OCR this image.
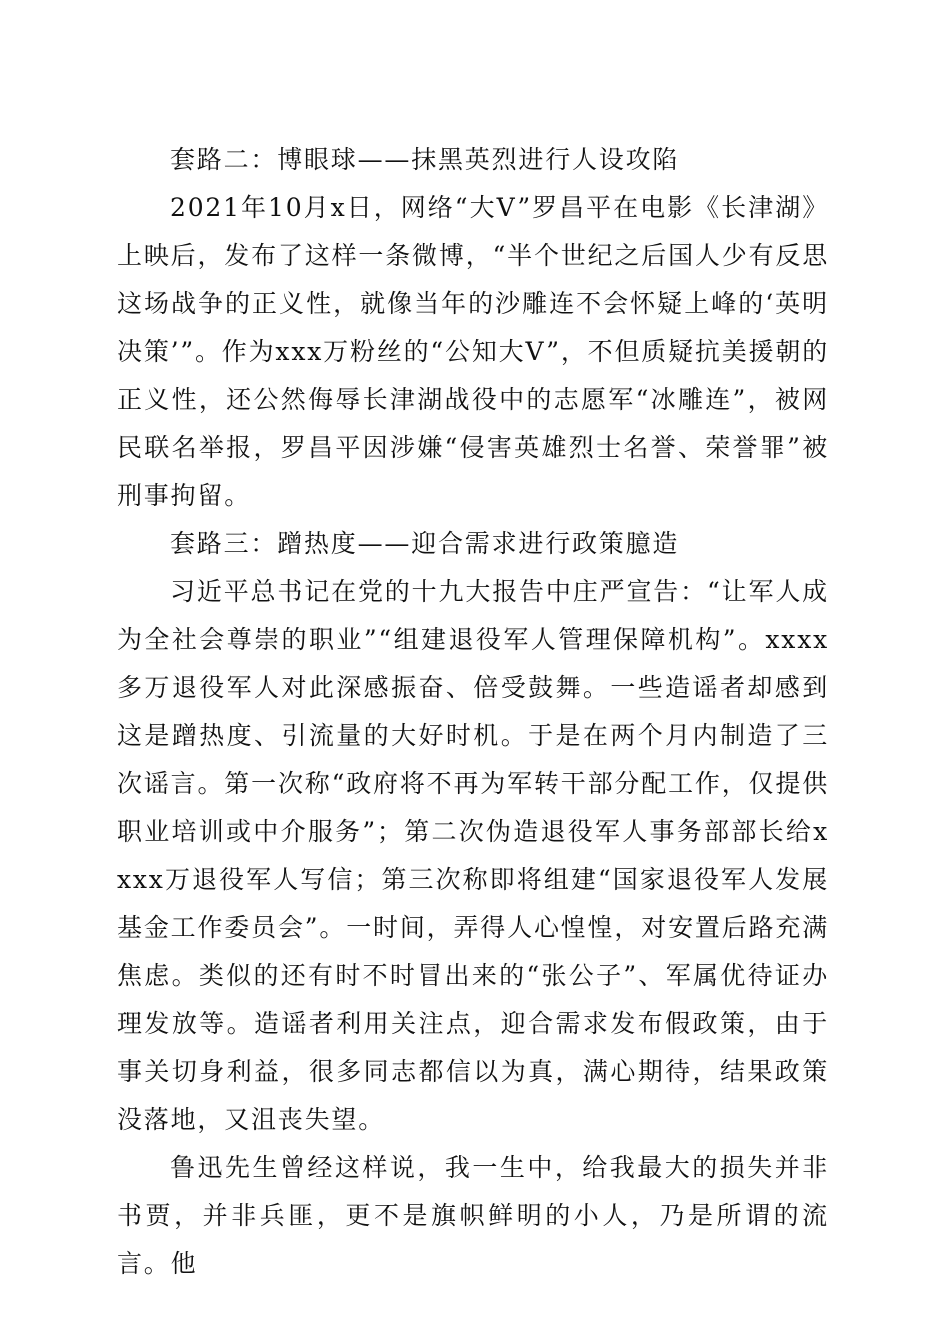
套路二：博眼球——抹黑英烈进行人设攻陷

2021年10月x日，网络“大V”罗昌平在电影《长津湖》上映后，发布了这样一条微博，“半个世纪之后国人少有反思这场战争的正义性，就像当年的沙雕连不会怀疑上峰的‘英明决策’”。作为xxx万粉丝的“公知大V”，不但质疑抗美援朝的正义性，还公然侮辱长津湖战役中的志愿军“冰雕连”，被网民联名举报，罗昌平因涉嫌“侵害英雄烈士名誉、荣誉罪”被刑事拘留。

套路三：蹭热度——迎合需求进行政策臆造

习近平总书记在党的十九大报告中庄严宣告：“让军人成为全社会尊崇的职业”“组建退役军人管理保障机构”。xxxx多万退役军人对此深感振奋、倍受鼓舞。一些造谣者却感到这是蹭热度、引流量的大好时机。于是在两个月内制造了三次谣言。第一次称“政府将不再为军转干部分配工作，仅提供职业培训或中介服务”；第二次伪造退役军人事务部部长给xxxx万退役军人写信；第三次称即将组建“国家退役军人发展基金工作委员会”。一时间，弄得人心惶惶，对安置后路充满焦虑。类似的还有时不时冒出来的“张公子”、军属优待证办理发放等。造谣者利用关注点，迎合需求发布假政策，由于事关切身利益，很多同志都信以为真，满心期待，结果政策没落地，又沮丧失望。

鲁迅先生曾经这样说，我一生中，给我最大的损失并非书贾，并非兵匪，更不是旗帜鲜明的小人，乃是所谓的流言。他
